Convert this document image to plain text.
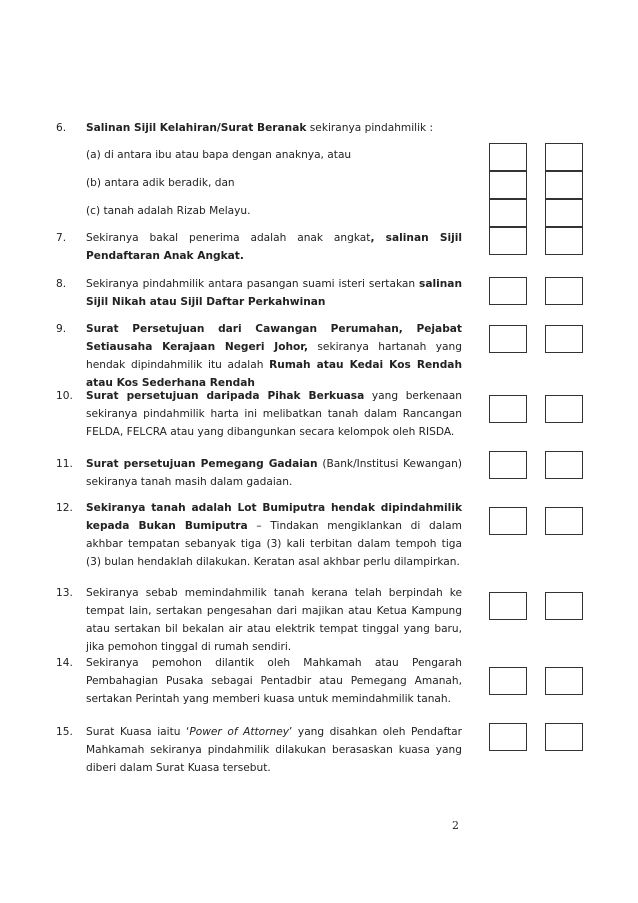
6. Salinan Sijil Kelahiran/Surat Beranak sekiranya pindahmilik :
(a) di antara ibu atau bapa dengan anaknya, atau
(b) antara adik beradik, dan
(c) tanah adalah Rizab Melayu.
7. Sekiranya bakal penerima adalah anak angkat, salinan Sijil Pendaftaran Anak Angkat.
8. Sekiranya pindahmilik antara pasangan suami isteri sertakan salinan Sijil Nikah atau Sijil Daftar Perkahwinan
9. Surat Persetujuan dari Cawangan Perumahan, Pejabat Setiausaha Kerajaan Negeri Johor, sekiranya hartanah yang hendak dipindahmilik itu adalah Rumah atau Kedai Kos Rendah atau Kos Sederhana Rendah
10. Surat persetujuan daripada Pihak Berkuasa yang berkenaan sekiranya pindahmilik harta ini melibatkan tanah dalam Rancangan FELDA, FELCRA atau yang dibangunkan secara kelompok oleh RISDA.
11. Surat persetujuan Pemegang Gadaian (Bank/Institusi Kewangan) sekiranya tanah masih dalam gadaian.
12. Sekiranya tanah adalah Lot Bumiputra hendak dipindahmilik kepada Bukan Bumiputra – Tindakan mengiklankan di dalam akhbar tempatan sebanyak tiga (3) kali terbitan dalam tempoh tiga (3) bulan hendaklah dilakukan. Keratan asal akhbar perlu dilampirkan.
13. Sekiranya sebab memindahmilik tanah kerana telah berpindah ke tempat lain, sertakan pengesahan dari majikan atau Ketua Kampung atau sertakan bil bekalan air atau elektrik tempat tinggal yang baru, jika pemohon tinggal di rumah sendiri.
14. Sekiranya pemohon dilantik oleh Mahkamah atau Pengarah Pembahagian Pusaka sebagai Pentadbir atau Pemegang Amanah, sertakan Perintah yang memberi kuasa untuk memindahmilik tanah.
15. Surat Kuasa iaitu ‘Power of Attorney’ yang disahkan oleh Pendaftar Mahkamah sekiranya pindahmilik dilakukan berasaskan kuasa yang diberi dalam Surat Kuasa tersebut.
2
